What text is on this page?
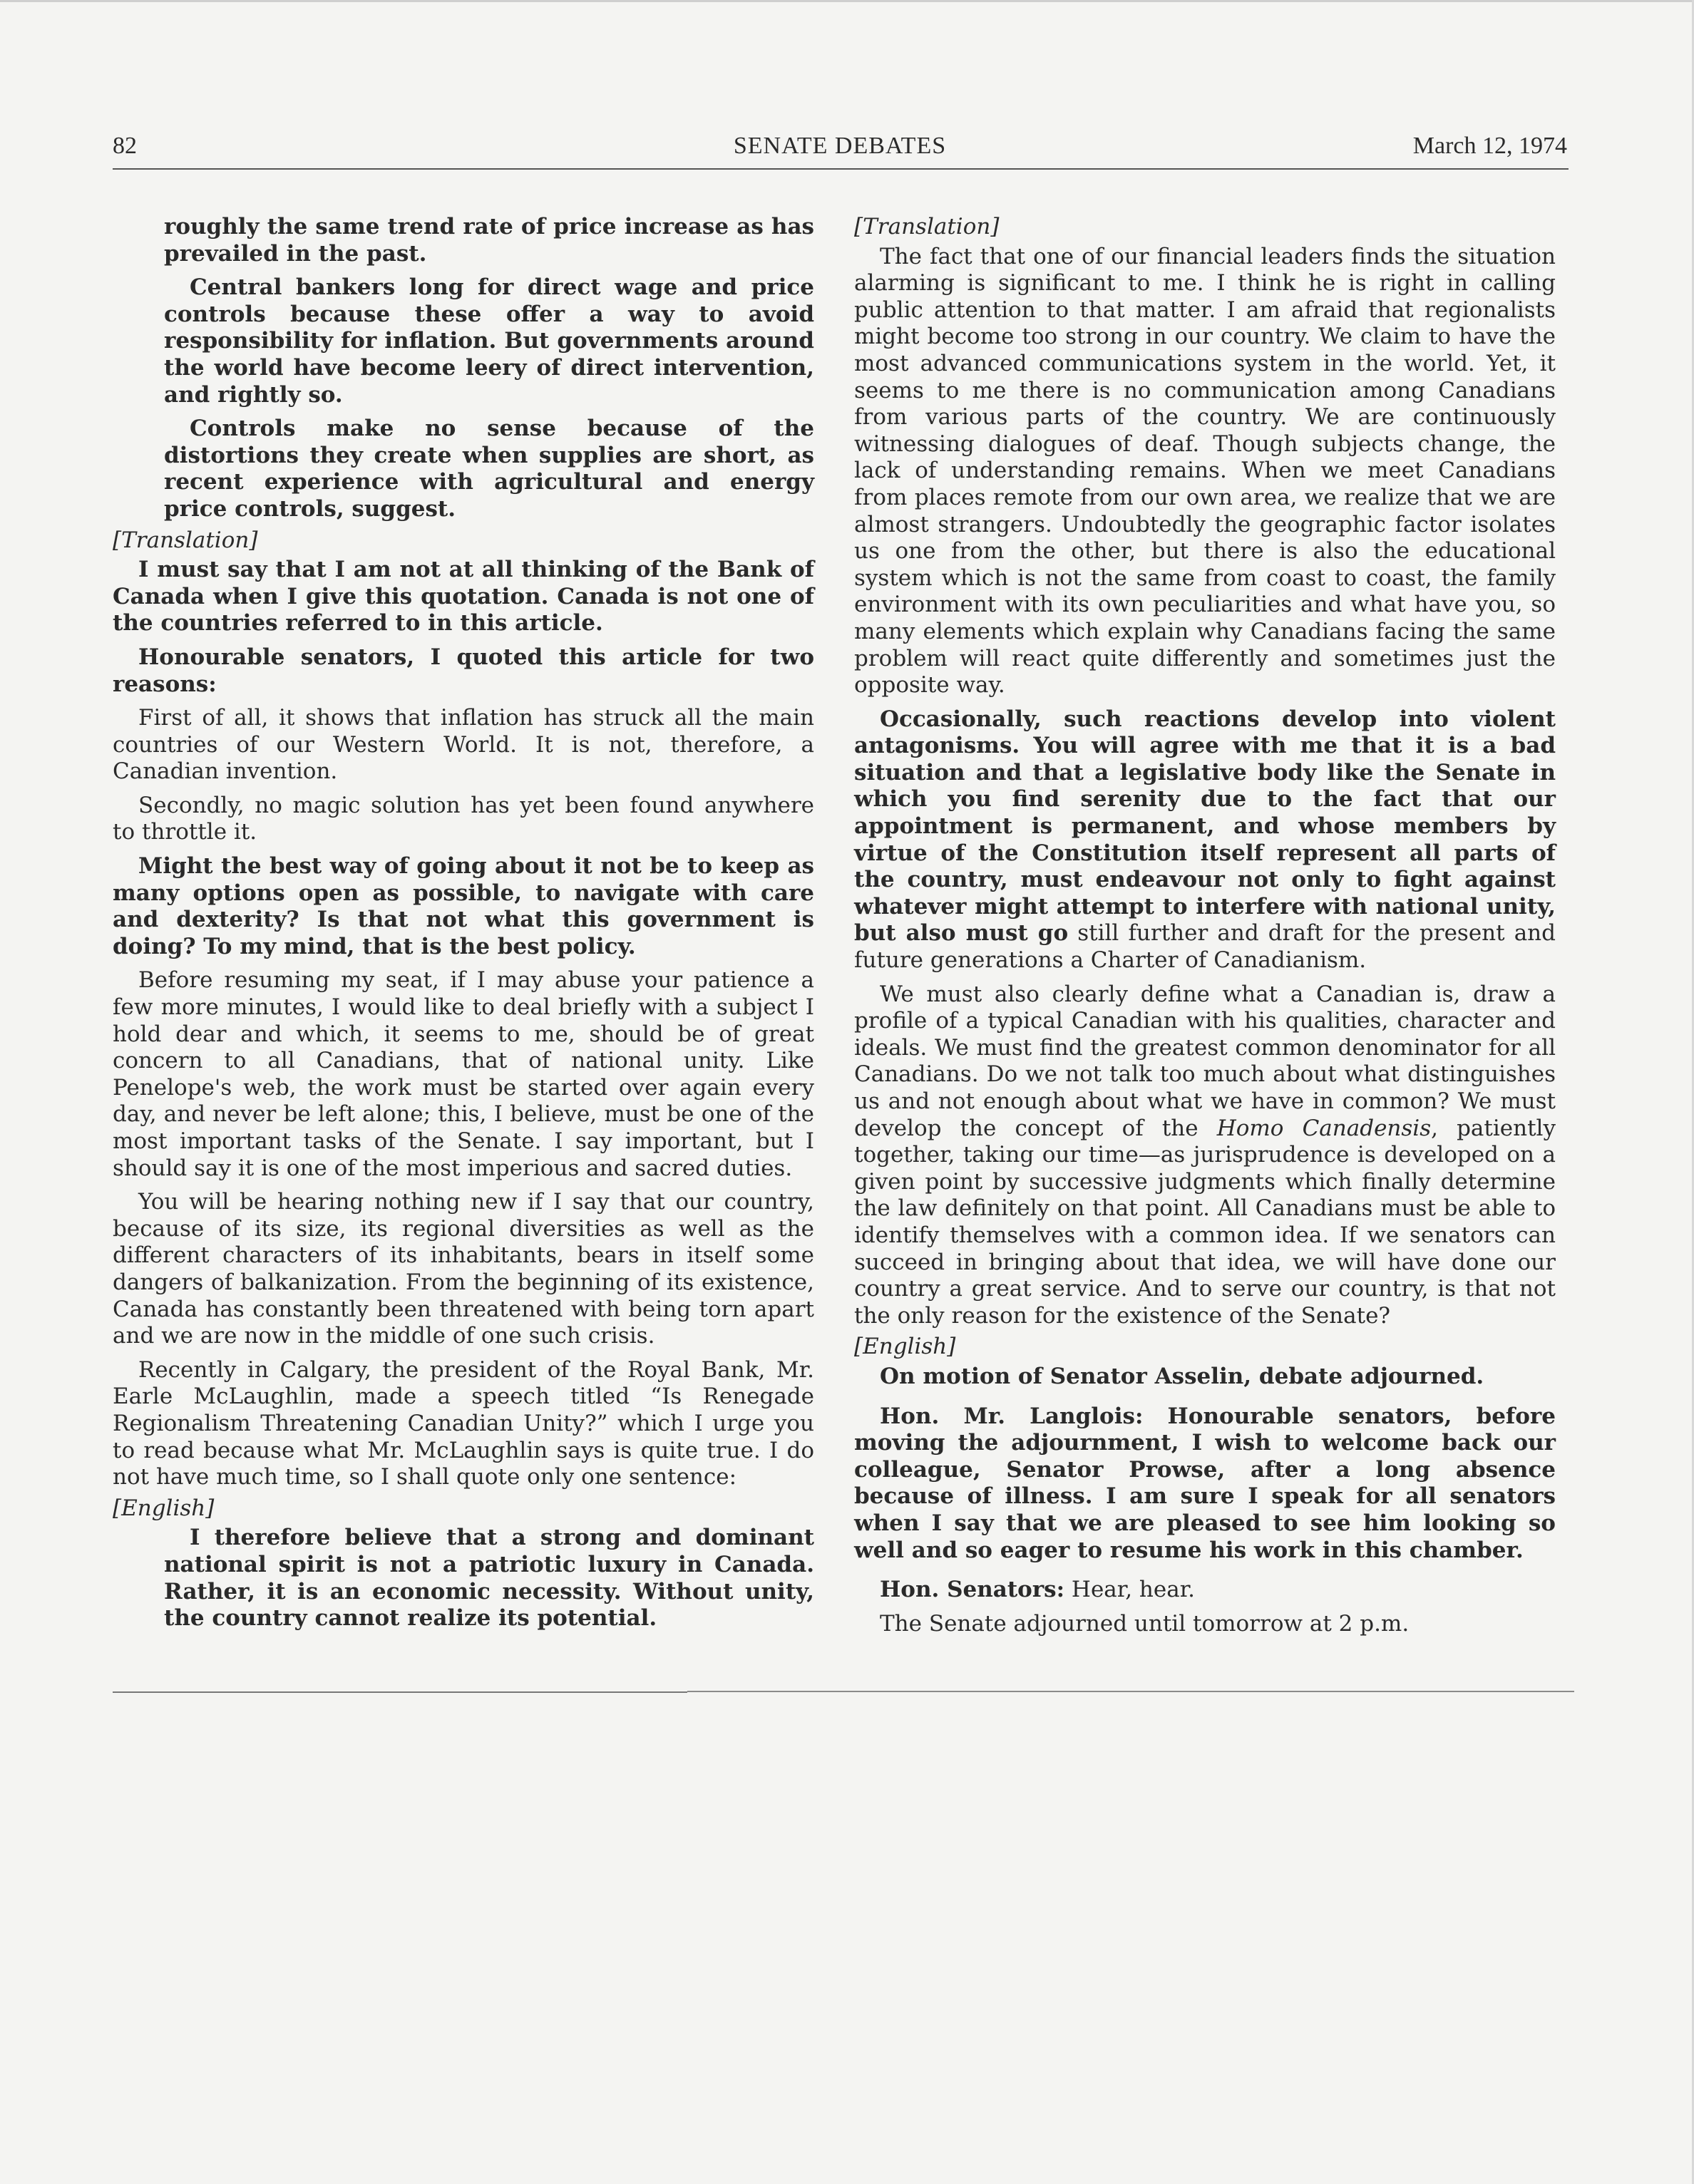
82	SENATE DEBATES	March 12, 1974

roughly the same trend rate of price increase as has prevailed in the past.

Central bankers long for direct wage and price controls because these offer a way to avoid responsibility for inflation. But governments around the world have become leery of direct intervention, and rightly so.

Controls make no sense because of the distortions they create when supplies are short, as recent experience with agricultural and energy price controls, suggest.

[Translation]

I must say that I am not at all thinking of the Bank of Canada when I give this quotation. Canada is not one of the countries referred to in this article.

Honourable senators, I quoted this article for two reasons:

First of all, it shows that inflation has struck all the main countries of our Western World. It is not, therefore, a Canadian invention.

Secondly, no magic solution has yet been found anywhere to throttle it.

Might the best way of going about it not be to keep as many options open as possible, to navigate with care and dexterity? Is that not what this government is doing? To my mind, that is the best policy.

Before resuming my seat, if I may abuse your patience a few more minutes, I would like to deal briefly with a subject I hold dear and which, it seems to me, should be of great concern to all Canadians, that of national unity. Like Penelope's web, the work must be started over again every day, and never be left alone; this, I believe, must be one of the most important tasks of the Senate. I say important, but I should say it is one of the most imperious and sacred duties.

You will be hearing nothing new if I say that our country, because of its size, its regional diversities as well as the different characters of its inhabitants, bears in itself some dangers of balkanization. From the beginning of its existence, Canada has constantly been threatened with being torn apart and we are now in the middle of one such crisis.

Recently in Calgary, the president of the Royal Bank, Mr. Earle McLaughlin, made a speech titled “Is Renegade Regionalism Threatening Canadian Unity?” which I urge you to read because what Mr. McLaughlin says is quite true. I do not have much time, so I shall quote only one sentence:

[English]

I therefore believe that a strong and dominant national spirit is not a patriotic luxury in Canada. Rather, it is an economic necessity. Without unity, the country cannot realize its potential.

[Translation]

The fact that one of our financial leaders finds the situation alarming is significant to me. I think he is right in calling public attention to that matter. I am afraid that regionalists might become too strong in our country. We claim to have the most advanced communications system in the world. Yet, it seems to me there is no communication among Canadians from various parts of the country. We are continuously witnessing dialogues of deaf. Though subjects change, the lack of understanding remains. When we meet Canadians from places remote from our own area, we realize that we are almost strangers. Undoubtedly the geographic factor isolates us one from the other, but there is also the educational system which is not the same from coast to coast, the family environment with its own peculiarities and what have you, so many elements which explain why Canadians facing the same problem will react quite differently and sometimes just the opposite way.

Occasionally, such reactions develop into violent antagonisms. You will agree with me that it is a bad situation and that a legislative body like the Senate in which you find serenity due to the fact that our appointment is permanent, and whose members by virtue of the Constitution itself represent all parts of the country, must endeavour not only to fight against whatever might attempt to interfere with national unity, but also must go still further and draft for the present and future generations a Charter of Canadianism.

We must also clearly define what a Canadian is, draw a profile of a typical Canadian with his qualities, character and ideals. We must find the greatest common denominator for all Canadians. Do we not talk too much about what distinguishes us and not enough about what we have in common? We must develop the concept of the Homo Canadensis, patiently together, taking our time—as jurisprudence is developed on a given point by successive judgments which finally determine the law definitely on that point. All Canadians must be able to identify themselves with a common idea. If we senators can succeed in bringing about that idea, we will have done our country a great service. And to serve our country, is that not the only reason for the existence of the Senate?

[English]

On motion of Senator Asselin, debate adjourned.

Hon. Mr. Langlois: Honourable senators, before moving the adjournment, I wish to welcome back our colleague, Senator Prowse, after a long absence because of illness. I am sure I speak for all senators when I say that we are pleased to see him looking so well and so eager to resume his work in this chamber.

Hon. Senators: Hear, hear.

The Senate adjourned until tomorrow at 2 p.m.
